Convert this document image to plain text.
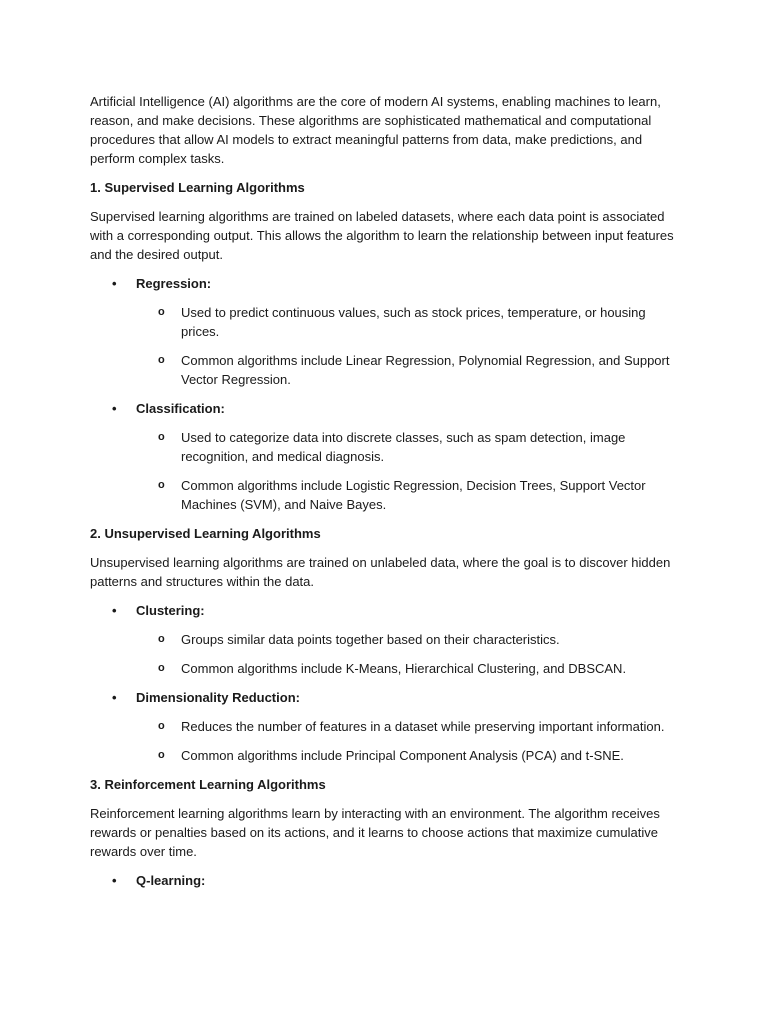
Artificial Intelligence (AI) algorithms are the core of modern AI systems, enabling machines to learn, reason, and make decisions. These algorithms are sophisticated mathematical and computational procedures that allow AI models to extract meaningful patterns from data, make predictions, and perform complex tasks.

1. Supervised Learning Algorithms

Supervised learning algorithms are trained on labeled datasets, where each data point is associated with a corresponding output. This allows the algorithm to learn the relationship between input features and the desired output.

• Regression:
o Used to predict continuous values, such as stock prices, temperature, or housing prices.
o Common algorithms include Linear Regression, Polynomial Regression, and Support Vector Regression.
• Classification:
o Used to categorize data into discrete classes, such as spam detection, image recognition, and medical diagnosis.
o Common algorithms include Logistic Regression, Decision Trees, Support Vector Machines (SVM), and Naive Bayes.

2. Unsupervised Learning Algorithms

Unsupervised learning algorithms are trained on unlabeled data, where the goal is to discover hidden patterns and structures within the data.

• Clustering:
o Groups similar data points together based on their characteristics.
o Common algorithms include K-Means, Hierarchical Clustering, and DBSCAN.
• Dimensionality Reduction:
o Reduces the number of features in a dataset while preserving important information.
o Common algorithms include Principal Component Analysis (PCA) and t-SNE.

3. Reinforcement Learning Algorithms

Reinforcement learning algorithms learn by interacting with an environment. The algorithm receives rewards or penalties based on its actions, and it learns to choose actions that maximize cumulative rewards over time.

• Q-learning:
